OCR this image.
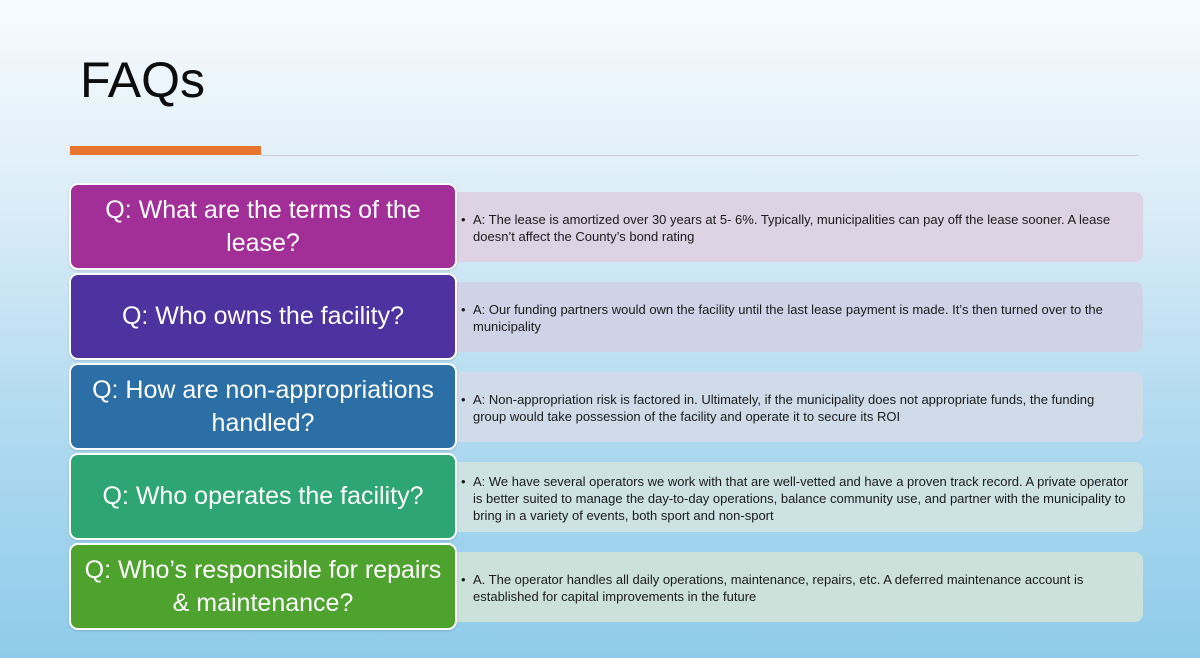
FAQs
• A: The lease is amortized over 30 years at 5- 6%. Typically, municipalities can pay off the lease sooner. A lease doesn’t affect the County’s bond rating
Q: What are the terms of the lease?
• A: Our funding partners would own the facility until the last lease payment is made. It’s then turned over to the municipality
Q: Who owns the facility?
• A: Non-appropriation risk is factored in. Ultimately, if the municipality does not appropriate funds, the funding group would take possession of the facility and operate it to secure its ROI
Q: How are non-appropriations handled?
• A: We have several operators we work with that are well-vetted and have a proven track record. A private operator is better suited to manage the day-to-day operations, balance community use, and partner with the municipality to bring in a variety of events, both sport and non-sport
Q: Who operates the facility?
• A. The operator handles all daily operations, maintenance, repairs, etc. A deferred maintenance account is established for capital improvements in the future
Q: Who’s responsible for repairs & maintenance?
